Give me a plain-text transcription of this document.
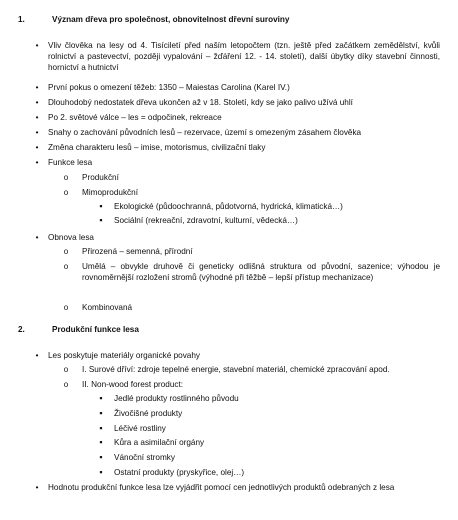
1.	Význam dřeva pro společnost, obnovitelnost dřevní suroviny
•
Vliv člověka na lesy od 4. Tisíciletí před naším letopočtem (tzn. ještě před začátkem zemědělství, kvůli rolnictví a pastevectví, později vypalování – žďáření 12. - 14. století), další úbytky díky stavební činnosti, hornictví a hutnictví
•
První pokus o omezení těžeb: 1350 – Maiestas Carolina (Karel IV.)
•
Dlouhodobý nedostatek dřeva ukončen až v 18. Století, kdy se jako palivo užívá uhlí
•
Po 2. světové válce – les = odpočinek, rekreace
•
Snahy o zachování původních lesů – rezervace, území s omezeným zásahem člověka
•
Změna charakteru lesů – imise, motorismus, civilizační tlaky
•
Funkce lesa
o
Produkční
o
Mimoprodukční
▪
Ekologické (půdoochranná, půdotvorná, hydrická, klimatická…)
▪
Sociální (rekreační, zdravotní, kulturní, vědecká…)
•
Obnova lesa
o
Přirozená – semenná, přírodní
o
Umělá – obvykle druhově či geneticky odlišná struktura od původní, sazenice; výhodou je rovnoměrnější rozložení stromů (výhodné při těžbě – lepší přístup mechanizace)
o
Kombinovaná
2.	Produkční funkce lesa
•
Les poskytuje materiály organické povahy
o
I. Surové dříví: zdroje tepelné energie, stavební materiál, chemické zpracování apod.
o
II. Non-wood forest product:
▪
Jedlé produkty rostlinného původu
▪
Živočišné produkty
▪
Léčivé rostliny
▪
Kůra a asimilační orgány
▪
Vánoční stromky
▪
Ostatní produkty (pryskyřice, olej…)
•
Hodnotu produkční funkce lesa lze vyjádřit pomocí cen jednotlivých produktů odebraných z lesa
